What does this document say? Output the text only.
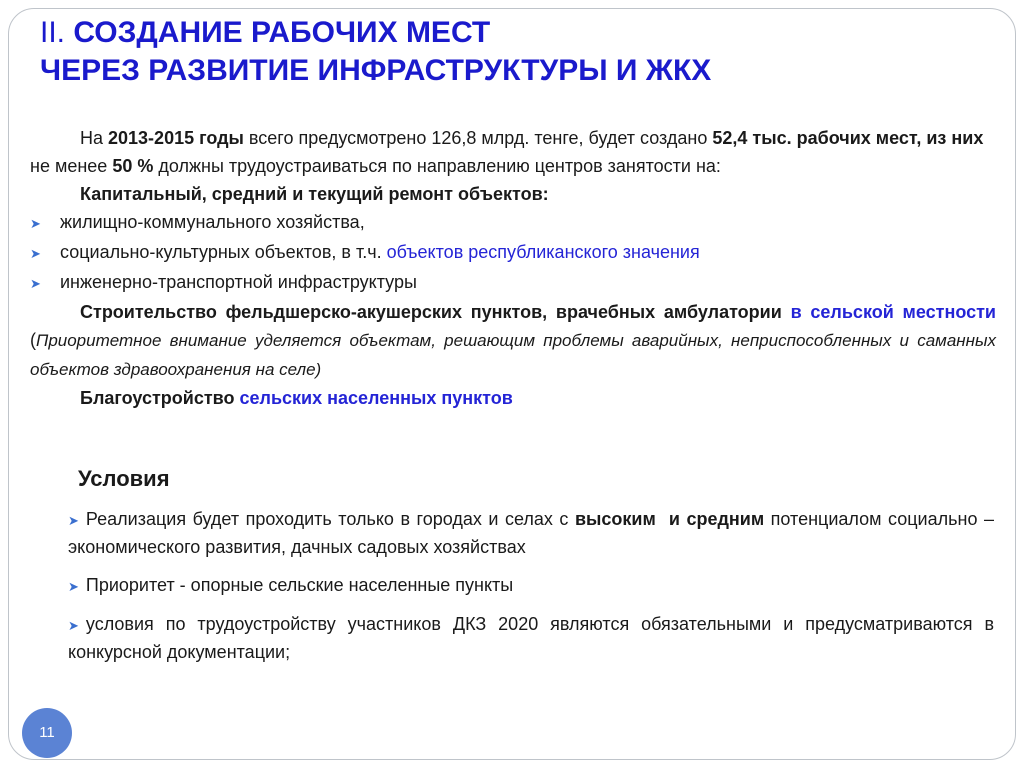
II. СОЗДАНИЕ РАБОЧИХ МЕСТ
ЧЕРЕЗ РАЗВИТИЕ ИНФРАСТРУКТУРЫ И ЖКХ

На 2013-2015 годы всего предусмотрено 126,8 млрд. тенге, будет создано 52,4 тыс. рабочих мест, из них не менее 50 % должны трудоустраиваться по направлению центров занятости на:

Капитальный, средний и текущий ремонт объектов:

➤	жилищно-коммунального хозяйства,

➤	социально-культурных объектов, в т.ч. объектов республиканского значения

➤	инженерно-транспортной инфраструктуры

Строительство фельдшерско-акушерских пунктов, врачебных амбулатории в сельской местности (Приоритетное внимание уделяется объектам, решающим проблемы аварийных, неприспособленных и саманных объектов здравоохранения на селе)

Благоустройство сельских населенных пунктов

Условия

➤ Реализация будет проходить только в городах и селах с высоким и средним потенциалом социально – экономического развития, дачных садовых хозяйствах

➤ Приоритет - опорные сельские населенные пункты

➤ условия по трудоустройству участников ДКЗ 2020 являются обязательными и предусматриваются в конкурсной документации;

11
